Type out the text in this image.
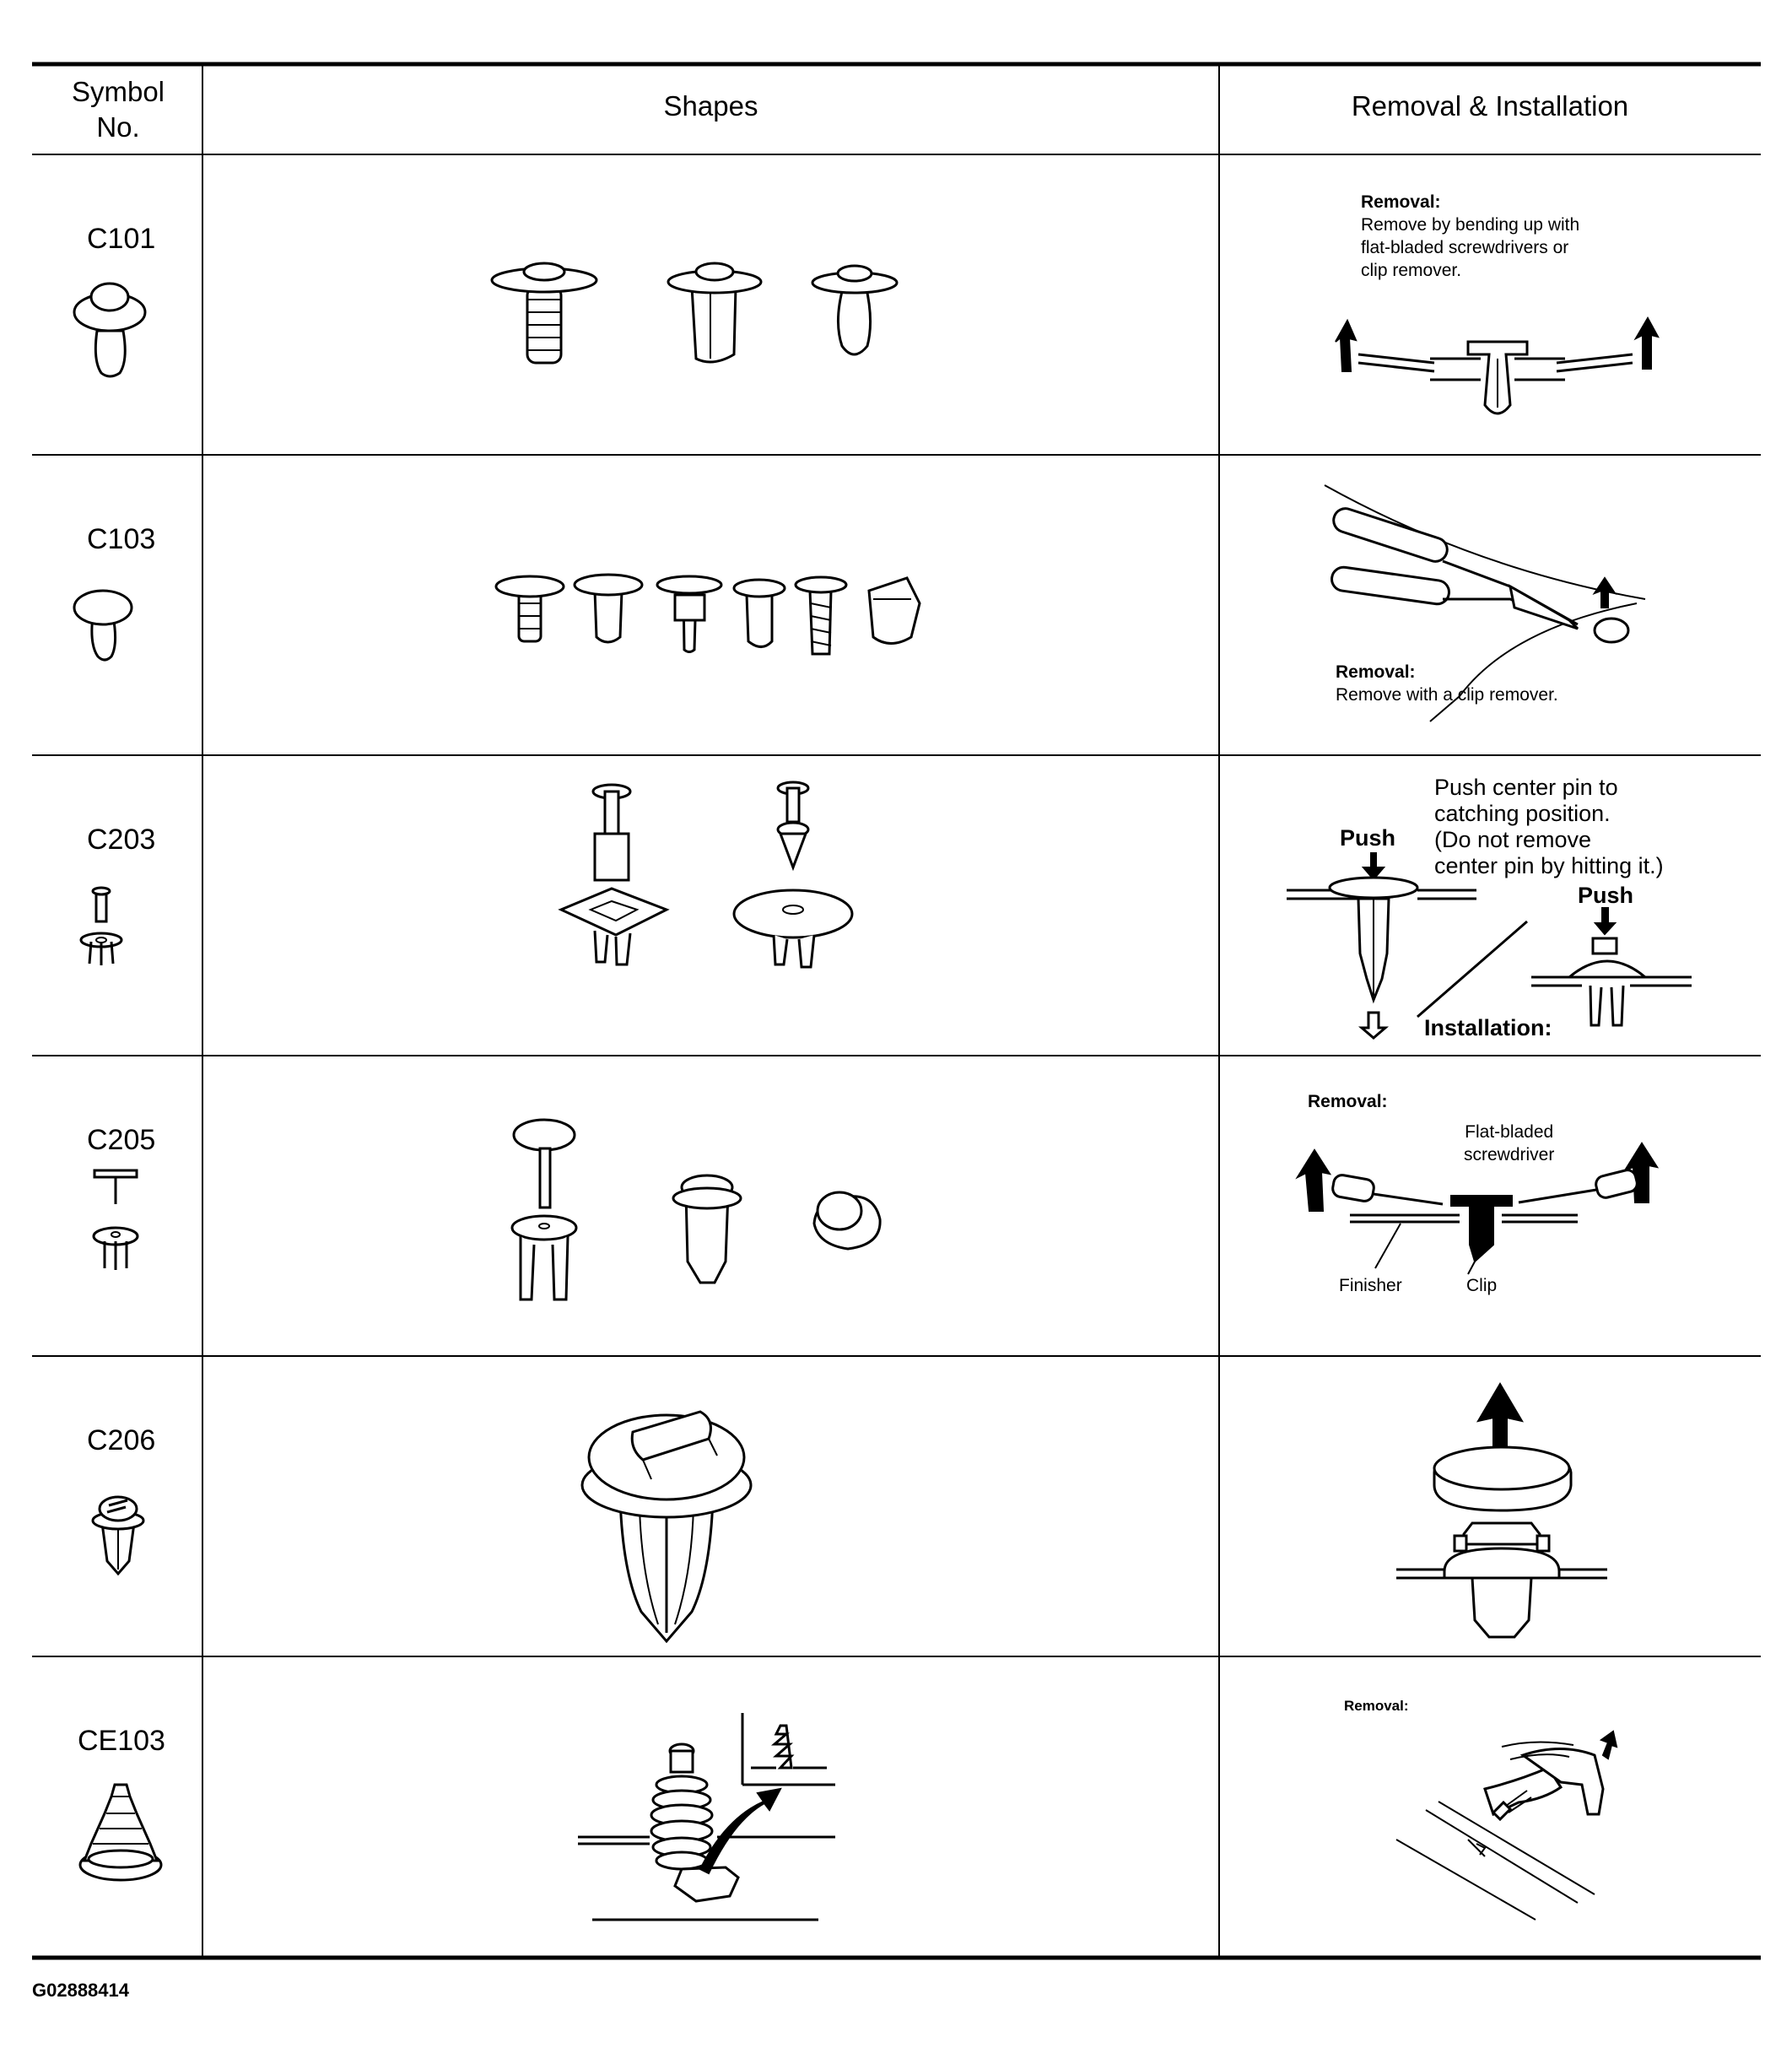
Symbol
No.
Shapes	Removal & Installation
C101
C103
C203
C205
C206
CE103
Removal:
Remove by bending up with
flat-bladed screwdrivers or
clip remover.
Removal:
Remove with a clip remover.
Push center pin to
catching position.
(Do not remove
center pin by hitting it.)
Push
Push
Installation:
Removal:
Flat-bladed
screwdriver
Finisher	Clip
Removal:
G02888414
